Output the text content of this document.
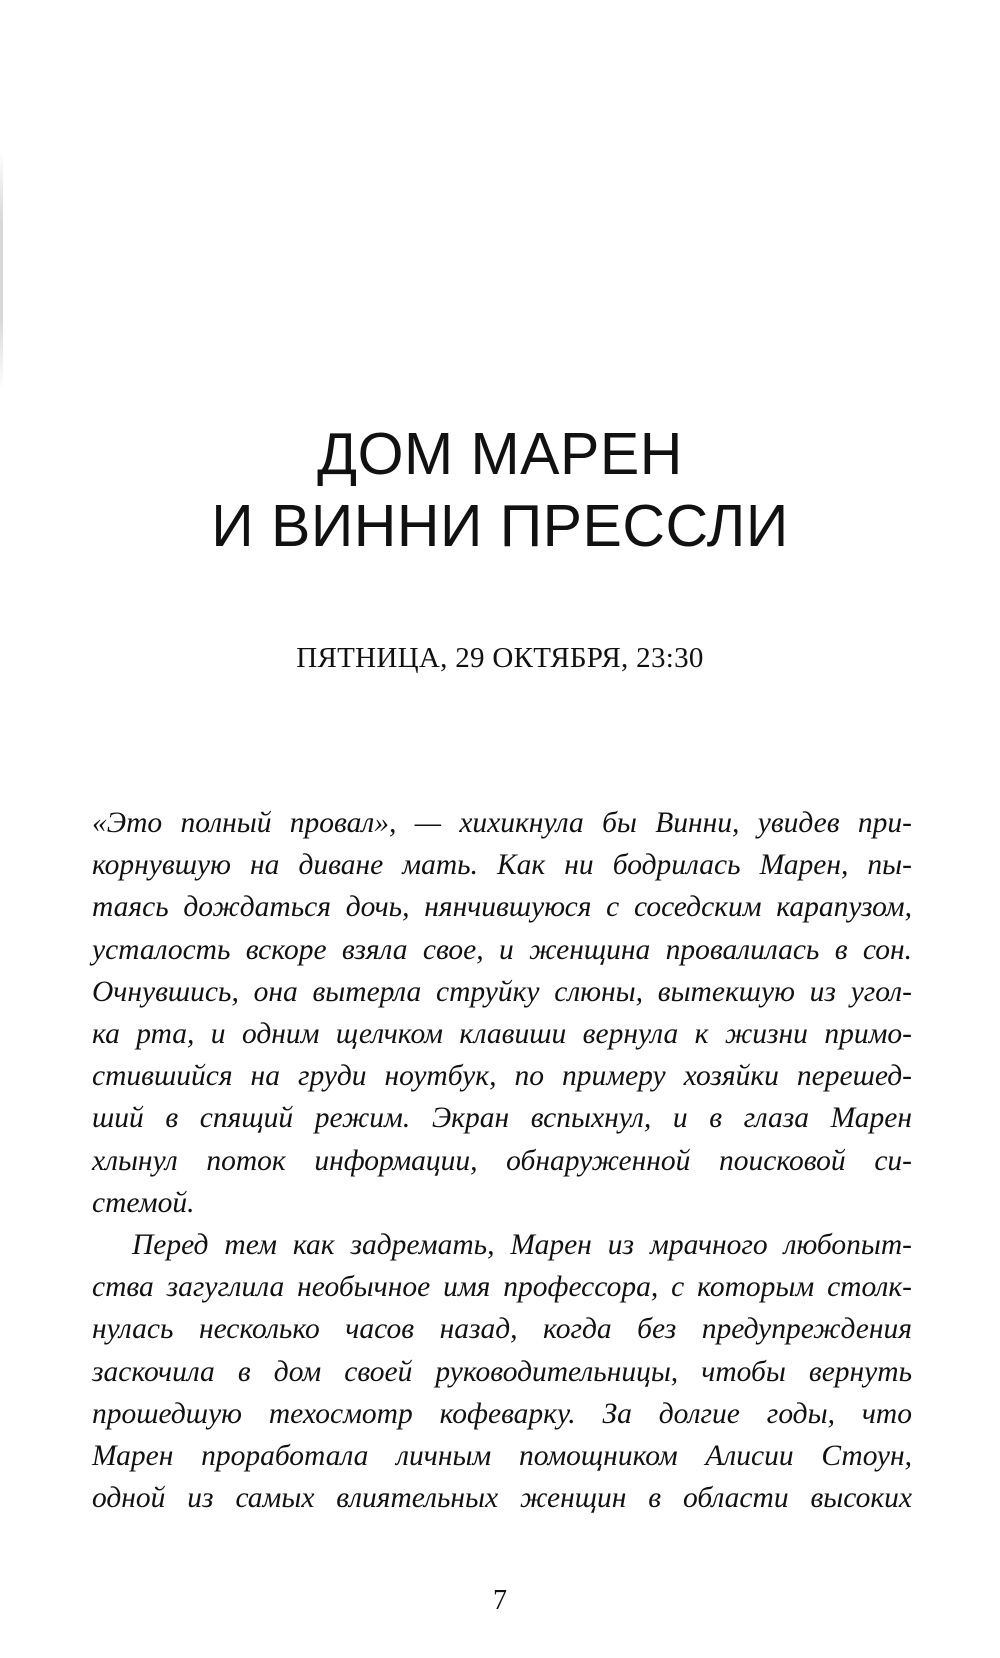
ДОМ МАРЕН
И ВИННИ ПРЕССЛИ

ПЯТНИЦА, 29 ОКТЯБРЯ, 23:30

«Это полный провал», — хихикнула бы Винни, увидев при-
корнувшую на диване мать. Как ни бодрилась Марен, пы-
таясь дождаться дочь, нянчившуюся с соседским карапузом,
усталость вскоре взяла свое, и женщина провалилась в сон.
Очнувшись, она вытерла струйку слюны, вытекшую из угол-
ка рта, и одним щелчком клавиши вернула к жизни примо-
стившийся на груди ноутбук, по примеру хозяйки перешед-
ший в спящий режим. Экран вспыхнул, и в глаза Марен
хлынул поток информации, обнаруженной поисковой си-
стемой.
Перед тем как задремать, Марен из мрачного любопыт-
ства загуглила необычное имя профессора, с которым столк-
нулась несколько часов назад, когда без предупреждения
заскочила в дом своей руководительницы, чтобы вернуть
прошедшую техосмотр кофеварку. За долгие годы, что
Марен проработала личным помощником Алисии Стоун,
одной из самых влиятельных женщин в области высоких
7
